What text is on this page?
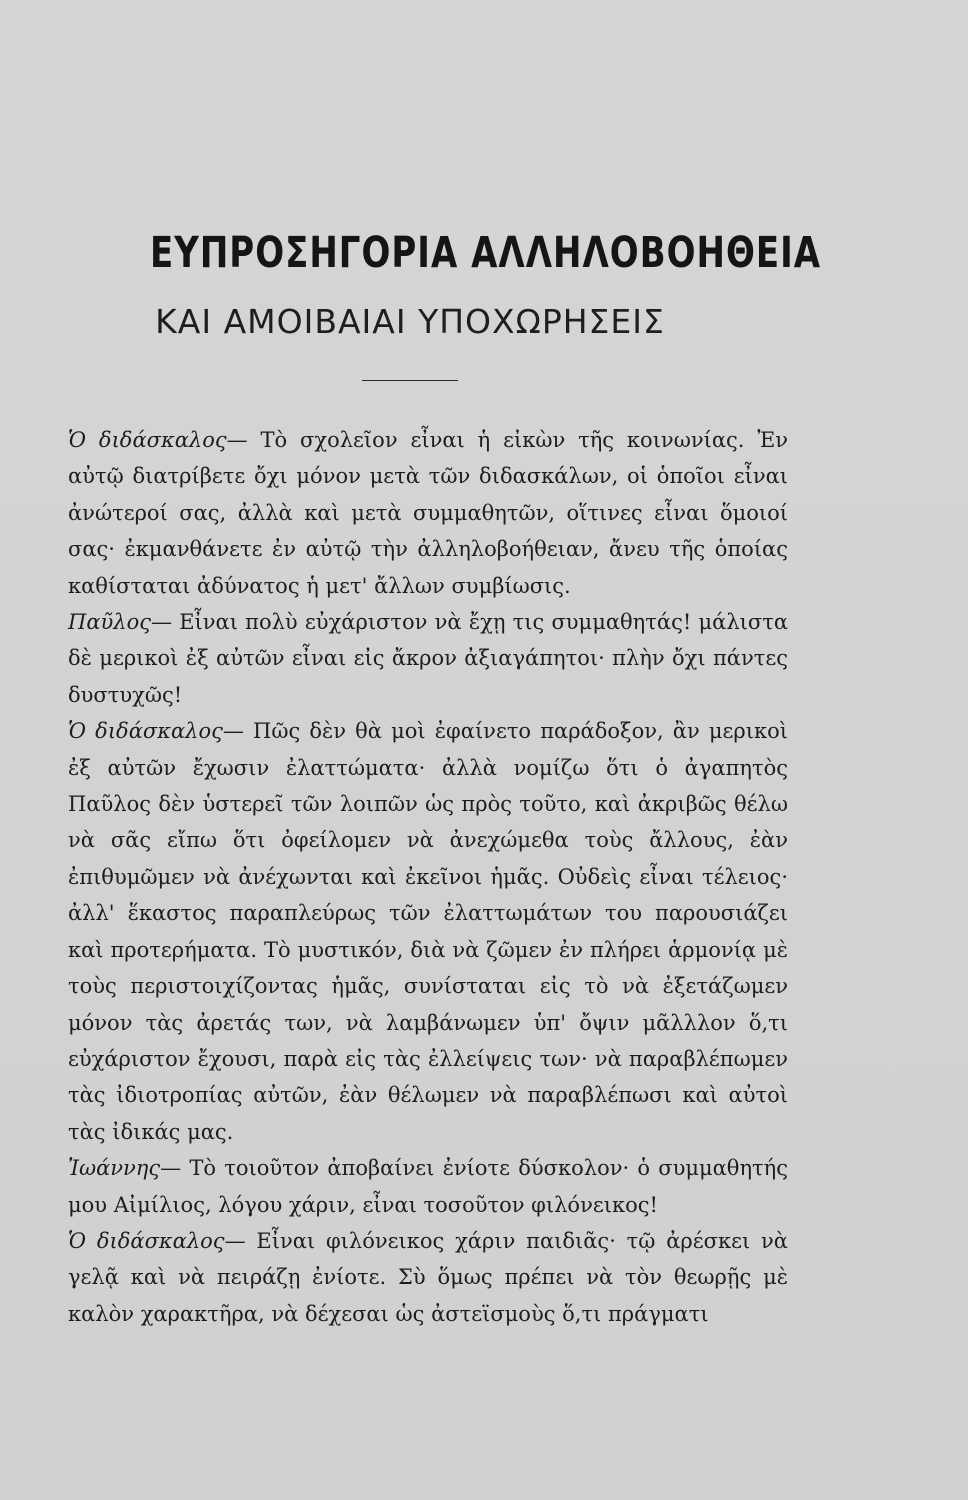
ΕΥΠΡΟΣΗΓΟΡΙΑ ΑΛΛΗΛΟΒΟΗΘΕΙΑ
ΚΑΙ ΑΜΟΙΒΑΙΑΙ ΥΠΟΧΩΡΗΣΕΙΣ

Ὁ διδάσκαλος— Τὸ σχολεῖον εἶναι ἡ εἰκὼν τῆς κοινωνίας. Ἐν αὐτῷ διατρίβετε ὄχι μόνον μετὰ τῶν διδασκάλων, οἱ ὁποῖοι εἶναι ἀνώτεροί σας, ἀλλὰ καὶ μετὰ συμμαθητῶν, οἵτινες εἶναι ὅμοιοί σας· ἐκμανθάνετε ἐν αὐτῷ τὴν ἀλληλοβοήθειαν, ἄνευ τῆς ὁποίας καθίσταται ἀδύνατος ἡ μετ' ἄλλων συμβίωσις.

Παῦλος— Εἶναι πολὺ εὐχάριστον νὰ ἔχῃ τις συμμαθητάς! μάλιστα δὲ μερικοὶ ἐξ αὐτῶν εἶναι εἰς ἄκρον ἀξιαγάπητοι· πλὴν ὄχι πάντες δυστυχῶς!

Ὁ διδάσκαλος— Πῶς δὲν θὰ μοὶ ἐφαίνετο παράδοξον, ἂν μερικοὶ ἐξ αὐτῶν ἔχωσιν ἐλαττώματα· ἀλλὰ νομίζω ὅτι ὁ ἀγαπητὸς Παῦλος δὲν ὑστερεῖ τῶν λοιπῶν ὡς πρὸς τοῦτο, καὶ ἀκριβῶς θέλω νὰ σᾶς εἴπω ὅτι ὀφείλομεν νὰ ἀνεχώμεθα τοὺς ἄλλους, ἐὰν ἐπιθυμῶμεν νὰ ἀνέχωνται καὶ ἐκεῖνοι ἡμᾶς. Οὐδεὶς εἶναι τέλειος· ἀλλ' ἕκαστος παραπλεύρως τῶν ἐλαττωμάτων του παρουσιάζει καὶ προτερήματα. Τὸ μυστικόν, διὰ νὰ ζῶμεν ἐν πλήρει ἁρμονίᾳ μὲ τοὺς περιστοιχίζοντας ἡμᾶς, συνίσταται εἰς τὸ νὰ ἐξετάζωμεν μόνον τὰς ἀρετάς των, νὰ λαμβάνωμεν ὑπ' ὄψιν μᾶλλλον ὅ,τι εὐχάριστον ἔχουσι, παρὰ εἰς τὰς ἐλλείψεις των· νὰ παραβλέπωμεν τὰς ἰδιοτροπίας αὐτῶν, ἐὰν θέλωμεν νὰ παραβλέπωσι καὶ αὐτοὶ τὰς ἰδικάς μας.

Ἰωάννης— Τὸ τοιοῦτον ἀποβαίνει ἐνίοτε δύσκολον· ὁ συμμαθητής μου Αἰμίλιος, λόγου χάριν, εἶναι τοσοῦτον φιλόνεικος!

Ὁ διδάσκαλος— Εἶναι φιλόνεικος χάριν παιδιᾶς· τῷ ἀρέσκει νὰ γελᾷ καὶ νὰ πειράζῃ ἐνίοτε. Σὺ ὅμως πρέπει νὰ τὸν θεωρῇς μὲ καλὸν χαρακτῆρα, νὰ δέχεσαι ὡς ἀστεϊσμοὺς ὅ,τι πράγματι
